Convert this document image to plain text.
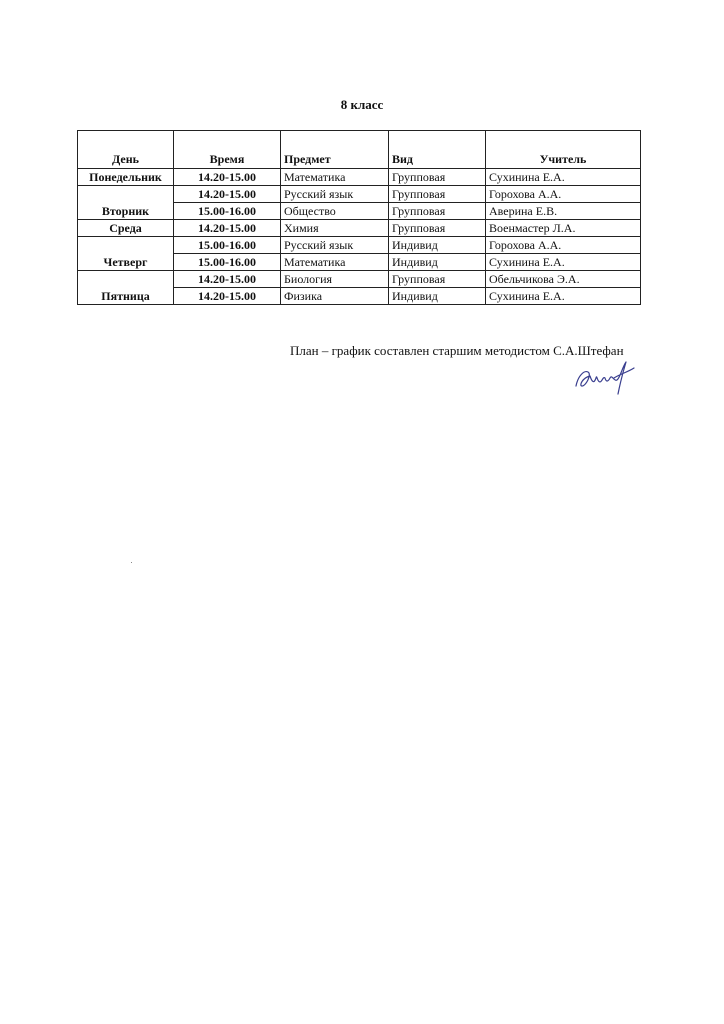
8 класс
День	Время	Предмет	Вид	Учитель
Понедельник	14.20-15.00	Математика	Групповая	Сухинина Е.А.
Вторник	14.20-15.00	Русский язык	Групповая	Горохова А.А.
	15.00-16.00	Общество	Групповая	Аверина Е.В.
Среда	14.20-15.00	Химия	Групповая	Военмастер Л.А.
Четверг	15.00-16.00	Русский язык	Индивид	Горохова А.А.
	15.00-16.00	Математика	Индивид	Сухинина Е.А.
Пятница	14.20-15.00	Биология	Групповая	Обельчикова Э.А.
	14.20-15.00	Физика	Индивид	Сухинина Е.А.
План – график составлен старшим методистом С.А.Штефан
